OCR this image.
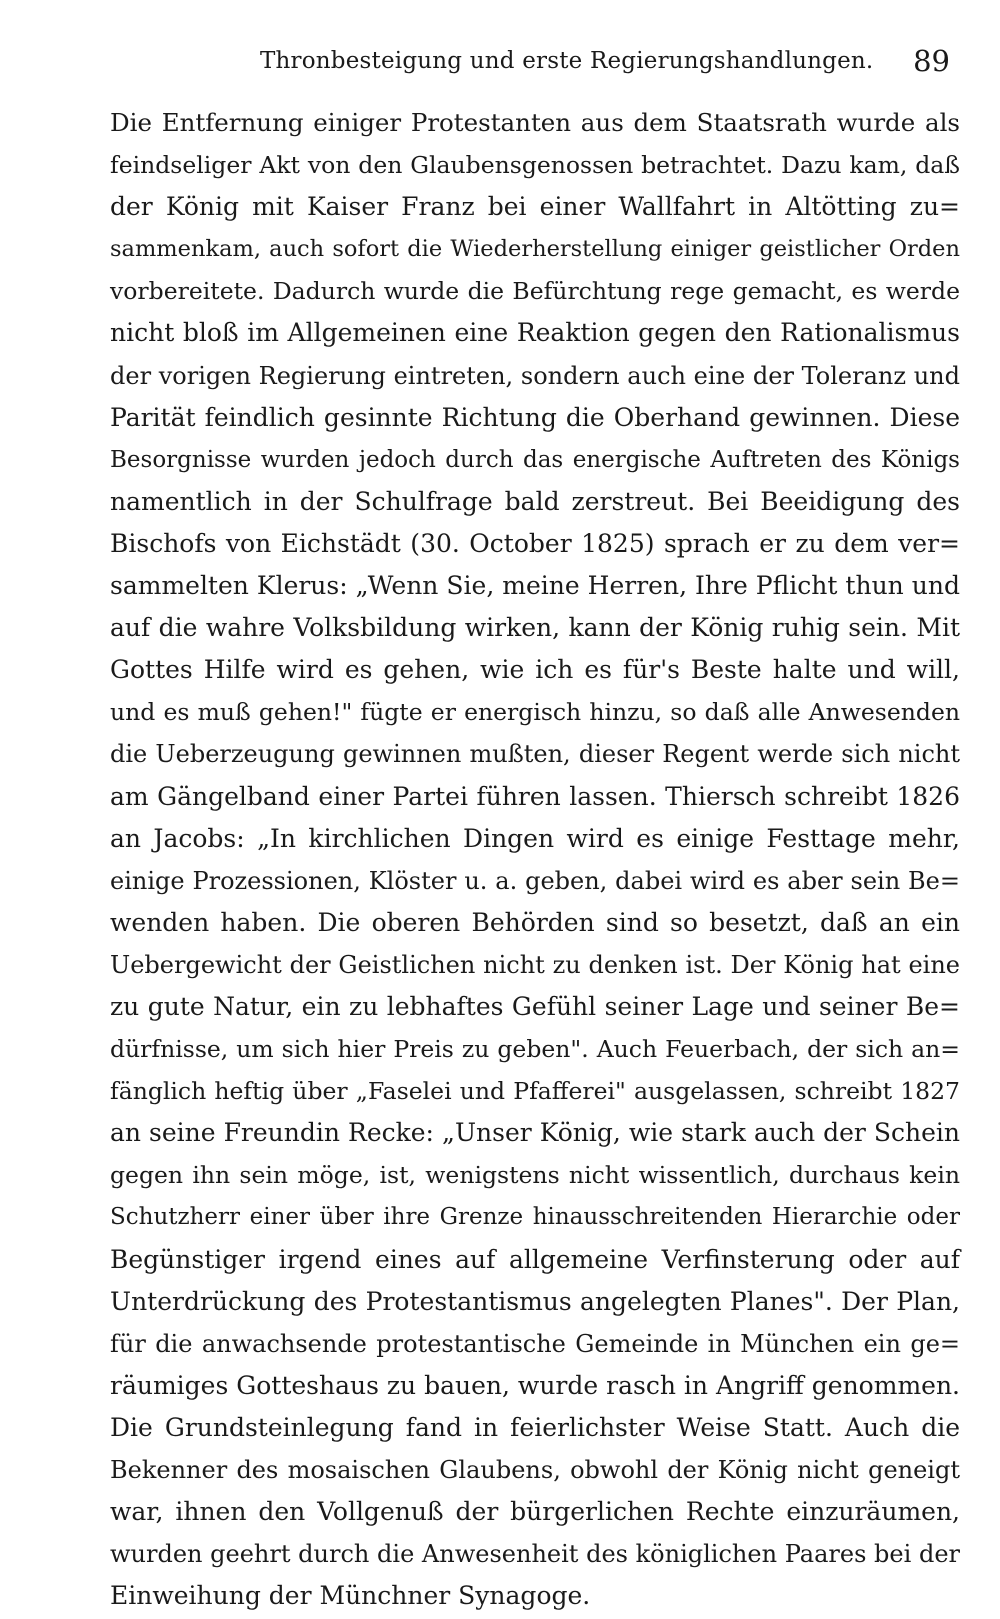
Thronbesteigung und erste Regierungshandlungen. 89
Die Entfernung einiger Protestanten aus dem Staatsrath wurde als
feindseliger Akt von den Glaubensgenossen betrachtet. Dazu kam, daß
der König mit Kaiser Franz bei einer Wallfahrt in Altötting zu=
sammenkam, auch sofort die Wiederherstellung einiger geistlicher Orden
vorbereitete. Dadurch wurde die Befürchtung rege gemacht, es werde
nicht bloß im Allgemeinen eine Reaktion gegen den Rationalismus
der vorigen Regierung eintreten, sondern auch eine der Toleranz und
Parität feindlich gesinnte Richtung die Oberhand gewinnen. Diese
Besorgnisse wurden jedoch durch das energische Auftreten des Königs
namentlich in der Schulfrage bald zerstreut. Bei Beeidigung des
Bischofs von Eichstädt (30. October 1825) sprach er zu dem ver=
sammelten Klerus: „Wenn Sie, meine Herren, Ihre Pflicht thun und
auf die wahre Volksbildung wirken, kann der König ruhig sein. Mit
Gottes Hilfe wird es gehen, wie ich es für's Beste halte und will,
und es muß gehen!" fügte er energisch hinzu, so daß alle Anwesenden
die Ueberzeugung gewinnen mußten, dieser Regent werde sich nicht
am Gängelband einer Partei führen lassen. Thiersch schreibt 1826
an Jacobs: „In kirchlichen Dingen wird es einige Festtage mehr,
einige Prozessionen, Klöster u. a. geben, dabei wird es aber sein Be=
wenden haben. Die oberen Behörden sind so besetzt, daß an ein
Uebergewicht der Geistlichen nicht zu denken ist. Der König hat eine
zu gute Natur, ein zu lebhaftes Gefühl seiner Lage und seiner Be=
dürfnisse, um sich hier Preis zu geben". Auch Feuerbach, der sich an=
fänglich heftig über „Faselei und Pfafferei" ausgelassen, schreibt 1827
an seine Freundin Recke: „Unser König, wie stark auch der Schein
gegen ihn sein möge, ist, wenigstens nicht wissentlich, durchaus kein
Schutzherr einer über ihre Grenze hinausschreitenden Hierarchie oder
Begünstiger irgend eines auf allgemeine Verfinsterung oder auf
Unterdrückung des Protestantismus angelegten Planes". Der Plan,
für die anwachsende protestantische Gemeinde in München ein ge=
räumiges Gotteshaus zu bauen, wurde rasch in Angriff genommen.
Die Grundsteinlegung fand in feierlichster Weise Statt. Auch die
Bekenner des mosaischen Glaubens, obwohl der König nicht geneigt
war, ihnen den Vollgenuß der bürgerlichen Rechte einzuräumen,
wurden geehrt durch die Anwesenheit des königlichen Paares bei der
Einweihung der Münchner Synagoge.
